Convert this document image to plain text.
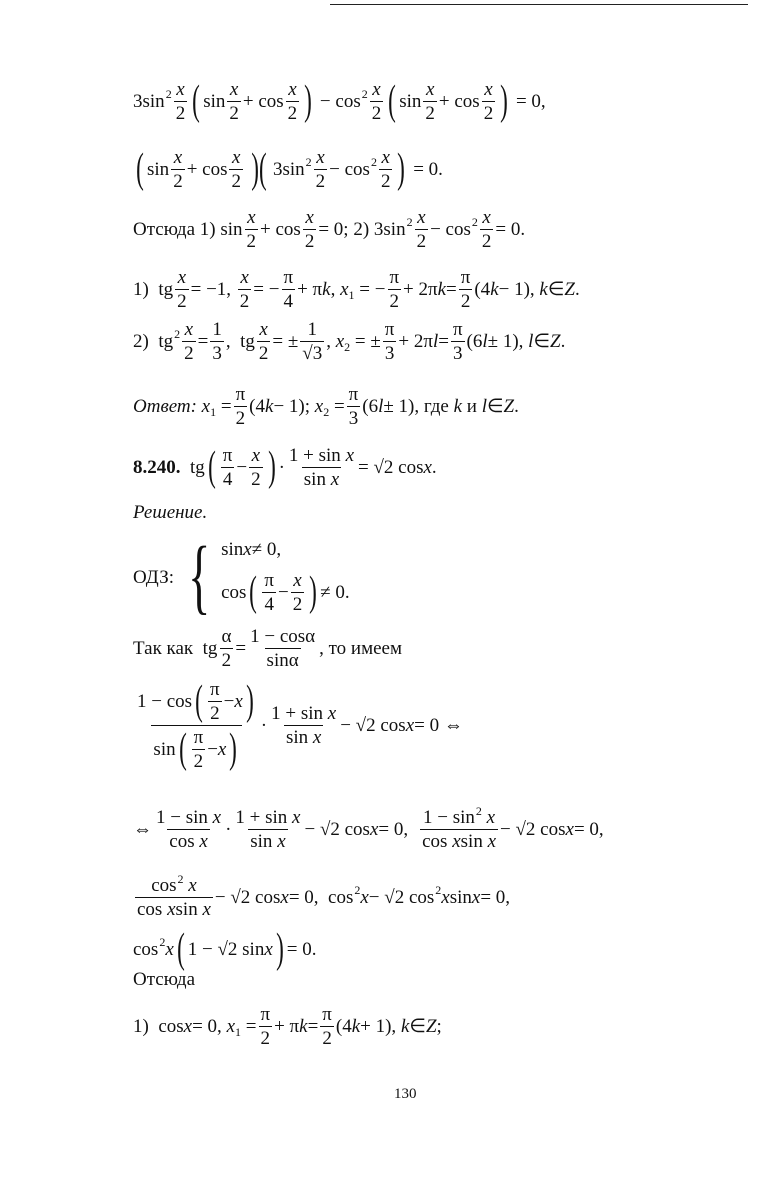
3sin 2 x
2 ( sin
x
2
+ cos
x
2 ) − cos 2 x
2 ( sin
x
2
+ cos
x
2 ) = 0,
( sin
x
2
+ cos
x
2 )( 3sin 2 x
2
− cos 2 x
2 ) = 0.
Отсюда 1) sin
x
2
+ cos
x
2
= 0; 2) 3sin 2 x
2
− cos 2 x
2
= 0.
1)  tg
x
2
= −1,
x
2
= −
π
4
+ π k , x 1 = −
π
2
+ 2π k =
π
2
(4 k − 1), k ∈ Z .
2)  tg 2 x
2
=
1
3
,  tg
x
2
= ±
1
√3
, x 2 = ±
π
3
+ 2π l =
π
3
(6 l ± 1), l ∈ Z .
Ответ:
x 1 =
π
2
(4 k − 1); x 2 =
π
3
(6 l ± 1) , где
k
и
l ∈ Z .
8.240. tg ( π
4
−
x
2 ) ·
1 + sin x
sin x
= √2 cos x .
Решение.
ОДЗ:
{ sin x ≠ 0,
cos ( π
4
−
x
2 ) ≠ 0.
Так как tg
α
2
=
1 − cosα
sinα
, то имеем
1 − cos ( π
2
− x )
sin ( π
2
− x )
·
1 + sin x
sin x
− √2 cos x = 0 ⇔
⇔
1 − sin x
cos x
·
1 + sin x
sin x
− √2 cos x = 0,
$1 - \sin^2 x$
cos xsin x
− √2 cos x = 0,
$\cos^2 x$
cos xsin x
− √2 cos x = 0,  cos 2 x − √2 cos 2 x sin x = 0,
cos 2 x ( 1 − √2 sin x ) = 0.
Отсюда
1)  cos x = 0, x 1 =
π
2
+ π k =
π
2
(4 k + 1), k ∈ Z ;
130
